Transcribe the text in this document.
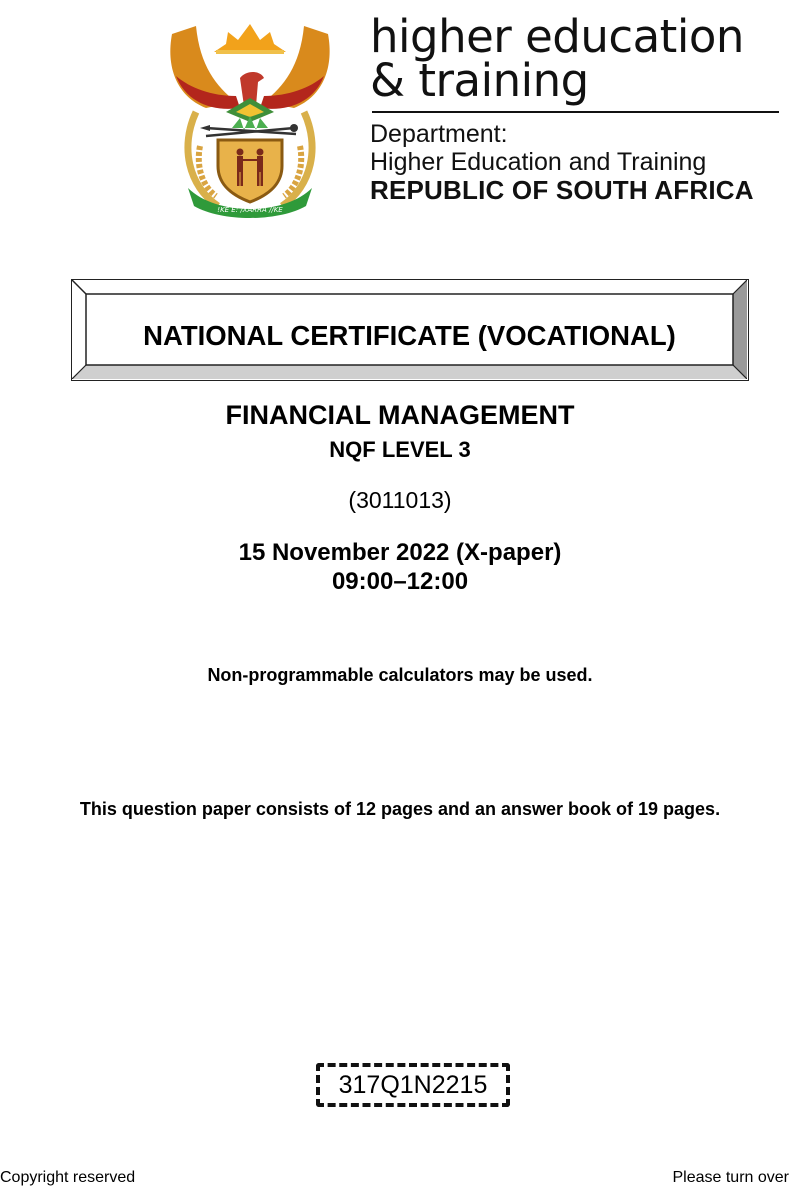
!KE E: /XARRA //KE
higher education
& training
Department:
Higher Education and Training
REPUBLIC OF SOUTH AFRICA
NATIONAL CERTIFICATE (VOCATIONAL)
FINANCIAL MANAGEMENT
NQF LEVEL 3
(3011013)
15 November 2022 (X-paper)
09:00–12:00
Non-programmable calculators may be used.
This question paper consists of 12 pages and an answer book of 19 pages.
317Q1N2215
Copyright reserved	Please turn over
